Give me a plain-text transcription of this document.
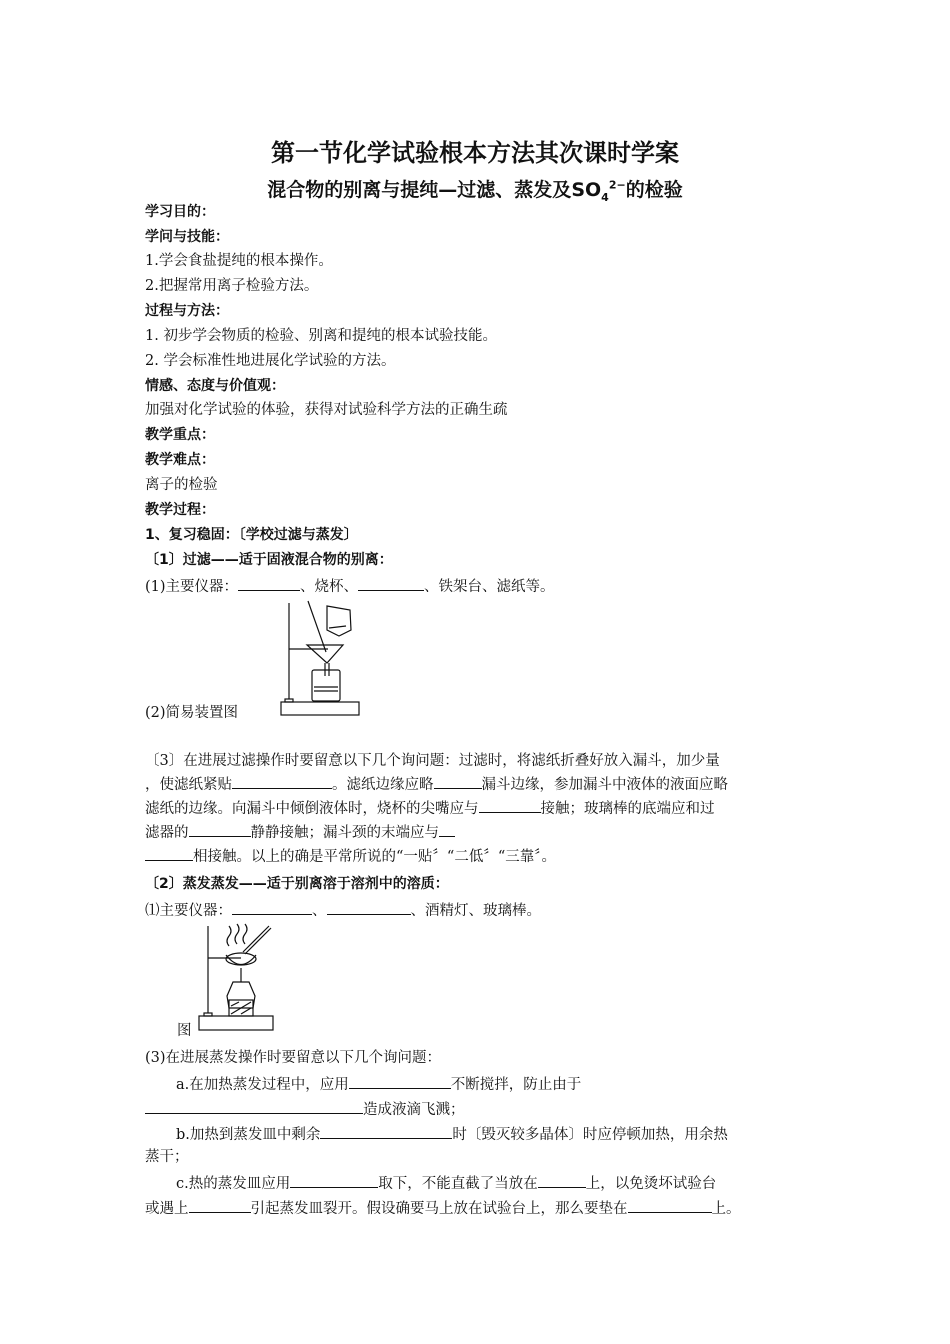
第一节化学试验根本方法其次课时学案
混合物的别离与提纯—过滤、蒸发及$SO_4^{2-}$的检验
学习目的：
学问与技能：
1.学会食盐提纯的根本操作。
2.把握常用离子检验方法。
过程与方法：
1. 初步学会物质的检验、别离和提纯的根本试验技能。
2. 学会标准性地进展化学试验的方法。
情感、态度与价值观：
加强对化学试验的体验，获得对试验科学方法的正确生疏
教学重点：
教学难点：
离子的检验
教学过程：
1、复习稳固：〔学校过滤与蒸发〕
〔1〕过滤——适于固液混合物的别离：
(1)主要仪器：	、烧杯、	、铁架台、滤纸等。
(2)简易装置图
〔3〕在进展过滤操作时要留意以下几个询问题：过滤时，将滤纸折叠好放入漏斗，加少量
，使滤纸紧贴	。滤纸边缘应略	漏斗边缘，参加漏斗中液体的液面应略
滤纸的边缘。向漏斗中倾倒液体时，烧杯的尖嘴应与	接触；玻璃棒的底端应和过
滤器的	静静接触；漏斗颈的末端应与
相接触。以上的确是平常所说的“一贴〞“二低〞“三靠〞。
〔2〕蒸发蒸发——适于别离溶于溶剂中的溶质：
⑴主要仪器：	、	、酒精灯、玻璃棒。
图
(3)在进展蒸发操作时要留意以下几个询问题：
a.在加热蒸发过程中，应用	不断搅拌，防止由于
造成液滴飞溅；
b.加热到蒸发皿中剩余	时〔毁灭较多晶体〕时应停顿加热，用余热
蒸干；
c.热的蒸发皿应用	取下，不能直截了当放在	上，以免烫坏试验台
或遇上	引起蒸发皿裂开。假设确要马上放在试验台上，那么要垫在	上。
